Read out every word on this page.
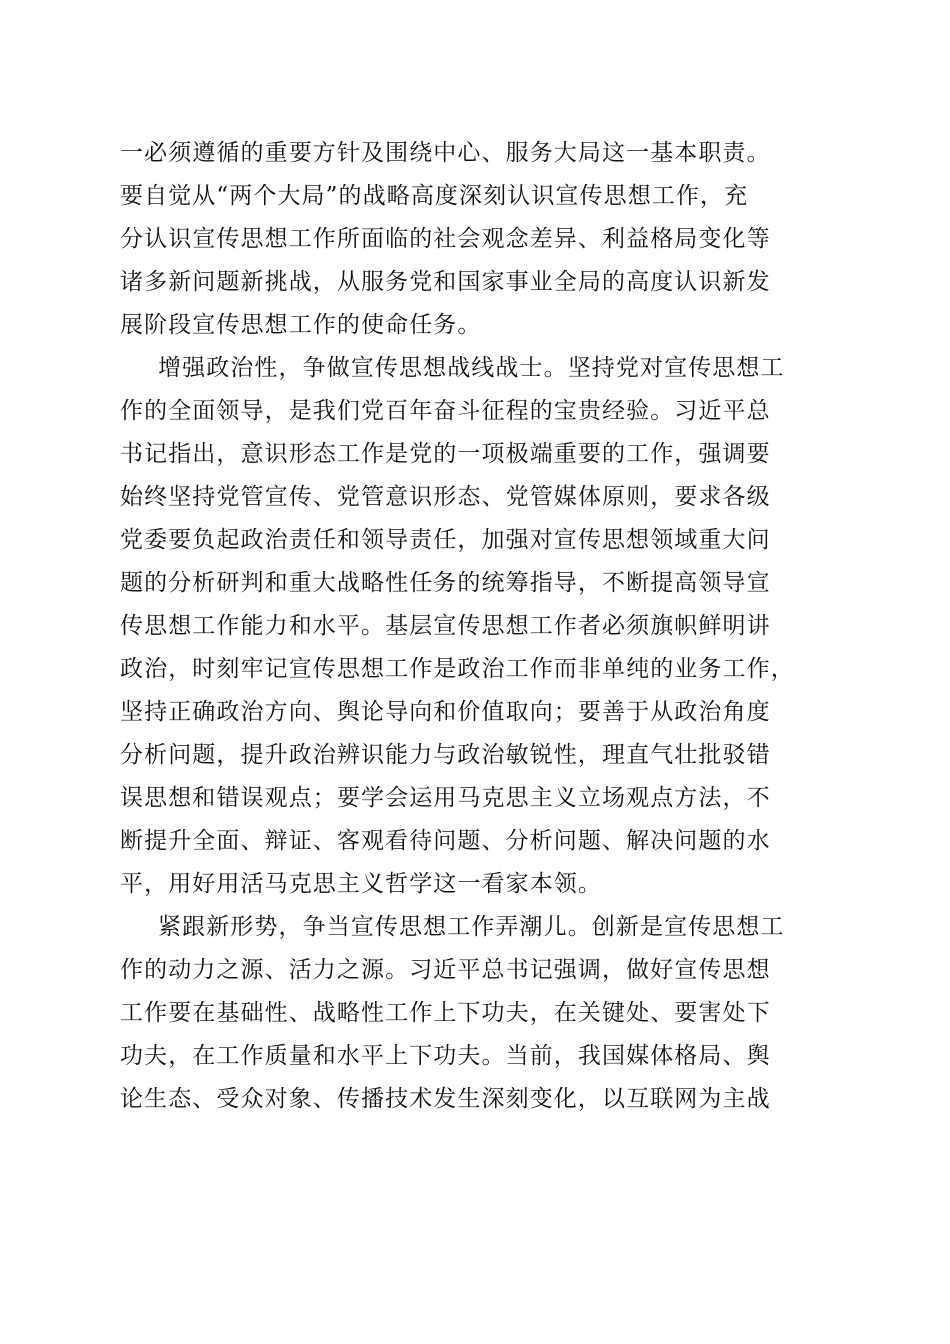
一必须遵循的重要方针及围绕中心、服务大局这一基本职责。
要自觉从“两个大局”的战略高度深刻认识宣传思想工作，充
分认识宣传思想工作所面临的社会观念差异、利益格局变化等
诸多新问题新挑战，从服务党和国家事业全局的高度认识新发
展阶段宣传思想工作的使命任务。
增强政治性，争做宣传思想战线战士。坚持党对宣传思想工
作的全面领导，是我们党百年奋斗征程的宝贵经验。习近平总
书记指出，意识形态工作是党的一项极端重要的工作，强调要
始终坚持党管宣传、党管意识形态、党管媒体原则，要求各级
党委要负起政治责任和领导责任，加强对宣传思想领域重大问
题的分析研判和重大战略性任务的统筹指导，不断提高领导宣
传思想工作能力和水平。基层宣传思想工作者必须旗帜鲜明讲
政治，时刻牢记宣传思想工作是政治工作而非单纯的业务工作，
坚持正确政治方向、舆论导向和价值取向；要善于从政治角度
分析问题，提升政治辨识能力与政治敏锐性，理直气壮批驳错
误思想和错误观点；要学会运用马克思主义立场观点方法，不
断提升全面、辩证、客观看待问题、分析问题、解决问题的水
平，用好用活马克思主义哲学这一看家本领。
紧跟新形势，争当宣传思想工作弄潮儿。创新是宣传思想工
作的动力之源、活力之源。习近平总书记强调，做好宣传思想
工作要在基础性、战略性工作上下功夫，在关键处、要害处下
功夫，在工作质量和水平上下功夫。当前，我国媒体格局、舆
论生态、受众对象、传播技术发生深刻变化，以互联网为主战
